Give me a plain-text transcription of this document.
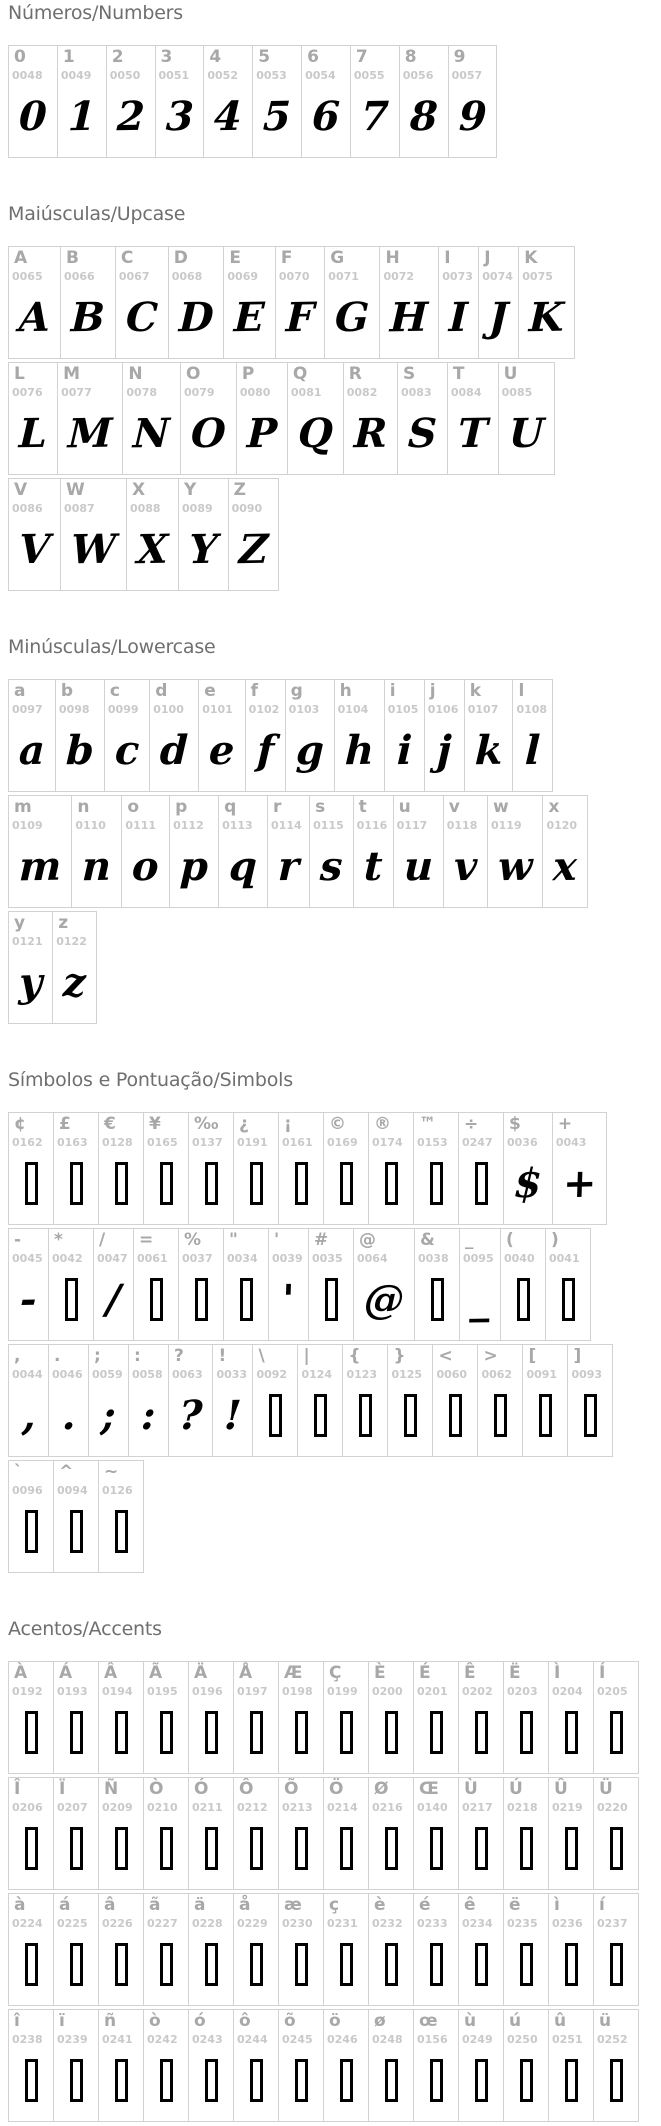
Números/Numbers
0
0048
0
1
0049
1
2
0050
2
3
0051
3
4
0052
4
5
0053
5
6
0054
6
7
0055
7
8
0056
8
9
0057
9
Maiúsculas/Upcase
A
0065
A
B
0066
B
C
0067
C
D
0068
D
E
0069
E
F
0070
F
G
0071
G
H
0072
H
I
0073
I
J
0074
J
K
0075
K
L
0076
L
M
0077
M
N
0078
N
O
0079
O
P
0080
P
Q
0081
Q
R
0082
R
S
0083
S
T
0084
T
U
0085
U
V
0086
V
W
0087
W
X
0088
X
Y
0089
Y
Z
0090
Z
Minúsculas/Lowercase
a
0097
a
b
0098
b
c
0099
c
d
0100
d
e
0101
e
f
0102
f
g
0103
g
h
0104
h
i
0105
i
j
0106
j
k
0107
k
l
0108
l
m
0109
m
n
0110
n
o
0111
o
p
0112
p
q
0113
q
r
0114
r
s
0115
s
t
0116
t
u
0117
u
v
0118
v
w
0119
w
x
0120
x
y
0121
y
z
0122
z
Símbolos e Pontuação/Simbols
¢
0162
£
0163
€
0128
¥
0165
‰
0137
¿
0191
¡
0161
©
0169
®
0174
™
0153
÷
0247
$
0036
$
+
0043
+
-
0045
-
*
0042
/
0047
/
=
0061
%
0037
"
0034
'
0039
'
#
0035
@
0064
@
&
0038
_
0095
_
(
0040
)
0041
,
0044
,
.
0046
.
;
0059
;
:
0058
:
?
0063
?
!
0033
!
\
0092
|
0124
{
0123
}
0125
<
0060
>
0062
[
0091
]
0093
`
0096
^
0094
~
0126
Acentos/Accents
À
0192
Á
0193
Â
0194
Ã
0195
Ä
0196
Å
0197
Æ
0198
Ç
0199
È
0200
É
0201
Ê
0202
Ë
0203
Ì
0204
Í
0205
Î
0206
Ï
0207
Ñ
0209
Ò
0210
Ó
0211
Ô
0212
Õ
0213
Ö
0214
Ø
0216
Œ
0140
Ù
0217
Ú
0218
Û
0219
Ü
0220
à
0224
á
0225
â
0226
ã
0227
ä
0228
å
0229
æ
0230
ç
0231
è
0232
é
0233
ê
0234
ë
0235
ì
0236
í
0237
î
0238
ï
0239
ñ
0241
ò
0242
ó
0243
ô
0244
õ
0245
ö
0246
ø
0248
œ
0156
ù
0249
ú
0250
û
0251
ü
0252
